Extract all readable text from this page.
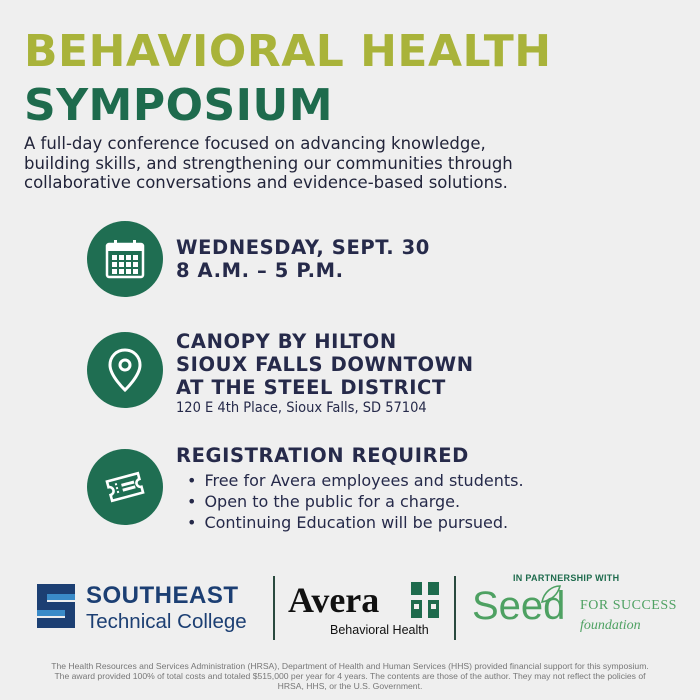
BEHAVIORAL HEALTH
SYMPOSIUM
A full-day conference focused on advancing knowledge, building skills, and strengthening our communities through collaborative conversations and evidence-based solutions.
WEDNESDAY, SEPT. 30
8 A.M. – 5 P.M.
CANOPY BY HILTON
SIOUX FALLS DOWNTOWN
AT THE STEEL DISTRICT
120 E 4th Place, Sioux Falls, SD 57104
REGISTRATION REQUIRED
• Free for Avera employees and students.
• Open to the public for a charge.
• Continuing Education will be pursued.
SOUTHEAST
Technical College
Avera
Behavioral Health
IN PARTNERSHIP WITH
Seed FOR SUCCESS
foundation
The Health Resources and Services Administration (HRSA), Department of Health and Human Services (HHS) provided financial support for this symposium. The award provided 100% of total costs and totaled $515,000 per year for 4 years. The contents are those of the author. They may not reflect the policies of HRSA, HHS, or the U.S. Government.
